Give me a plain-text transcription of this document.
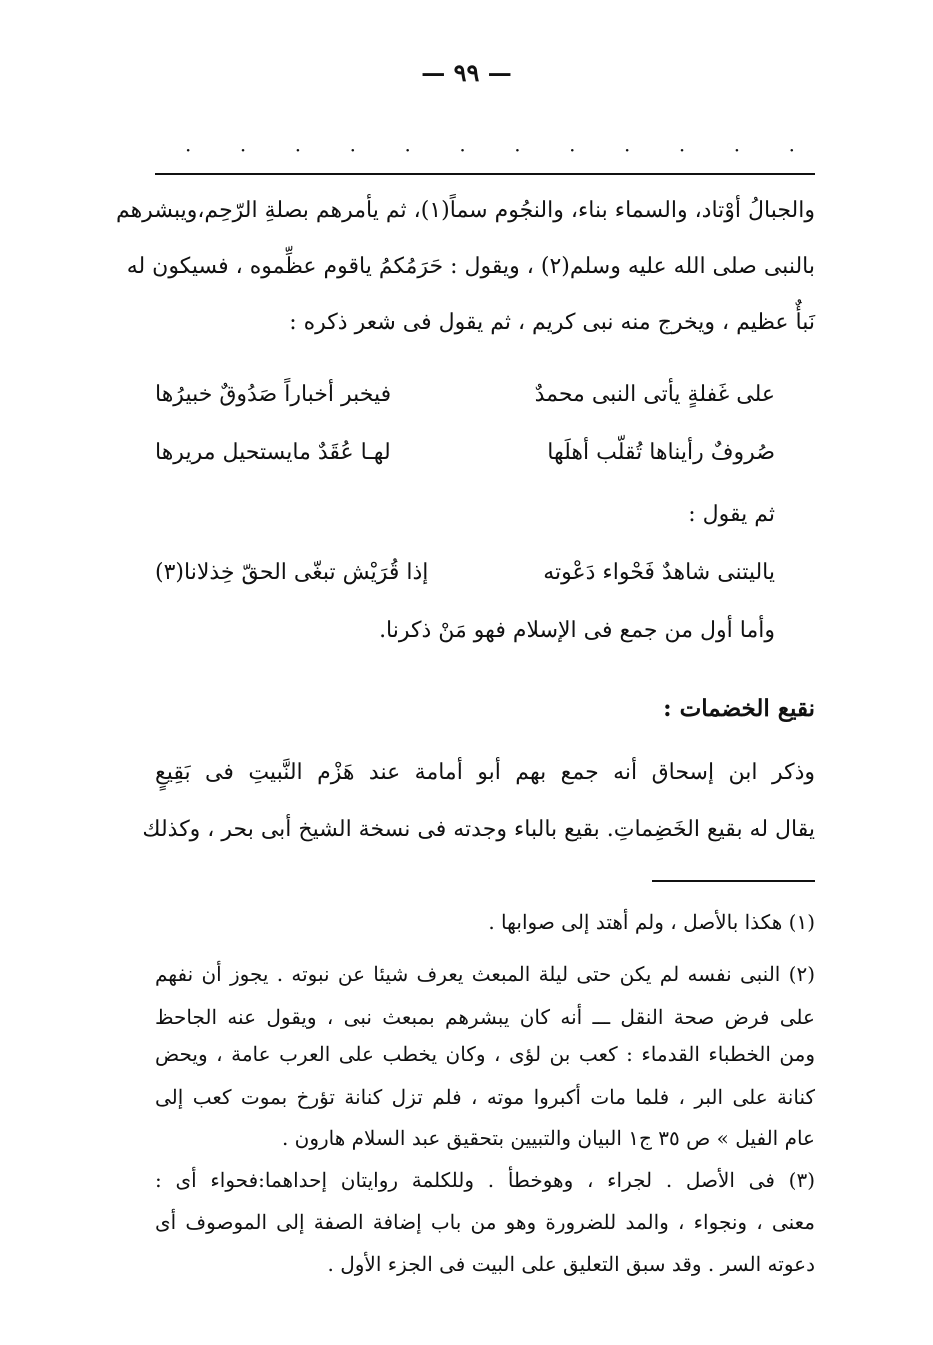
— ٩٩ —
· · · · · · · · · · · ·
والجبالُ أوْتاد، والسماء بناء، والنجُوم سماً(١)، ثم يأمرهم بصلةِ الرّحِم،ويبشرهم
بالنبى صلى الله عليه وسلم(٢) ، ويقول : حَرَمُكمُ ياقوم عظِّموه ، فسيكون له
نَبأٌ عظيم ، ويخرج منه نبى كريم ، ثم يقول فى شعر ذكره :
على غَفلةٍ يأتى النبى محمدٌ
فيخبر أخباراً صَدُوقٌ خبيرُها
صُروفٌ رأيناها تُقلّب أهلَها
لهـا عُقَدٌ مايستحيل مريرها
ثم يقول :
ياليتنى شاهدٌ فَحْواء دَعْوته
إذا قُرَيْش تبغّى الحقّ خِذلانا(٣)
وأما أول من جمع فى الإسلام فهو مَنْ ذكرنا.
نقيع الخضمات :
وذكر ابن إسحاق أنه جمع بهم أبو أمامة عند هَزْم النَّبيتِ فى بَقِيعٍ
يقال له بقيع الخَضِماتِ. بقيع بالباء وجدته فى نسخة الشيخ أبى بحر ، وكذلك
(١) هكذا بالأصل ، ولم أهتد إلى صوابها .
(٢) النبى نفسه لم يكن حتى ليلة المبعث يعرف شيئا عن نبوته . يجوز أن نفهم
على فرض صحة النقل ـــ أنه كان يبشرهم بمبعث نبى ، ويقول عنه الجاحظ
ومن الخطباء القدماء : كعب بن لؤى ، وكان يخطب على العرب عامة ، ويحض
كنانة على البر ، فلما مات أكبروا موته ، فلم تزل كنانة تؤرخ بموت كعب إلى
عام الفيل » ص ٣٥ ج١ البيان والتبيين بتحقيق عبد السلام هارون .
(٣) فى الأصل . لجراء ، وهوخطأ . وللكلمة روايتان إحداهما:فحواء أى :
معنى ، ونجواء ، والمد للضرورة وهو من باب إضافة الصفة إلى الموصوف أى
دعوته السر . وقد سبق التعليق على البيت فى الجزء الأول .
